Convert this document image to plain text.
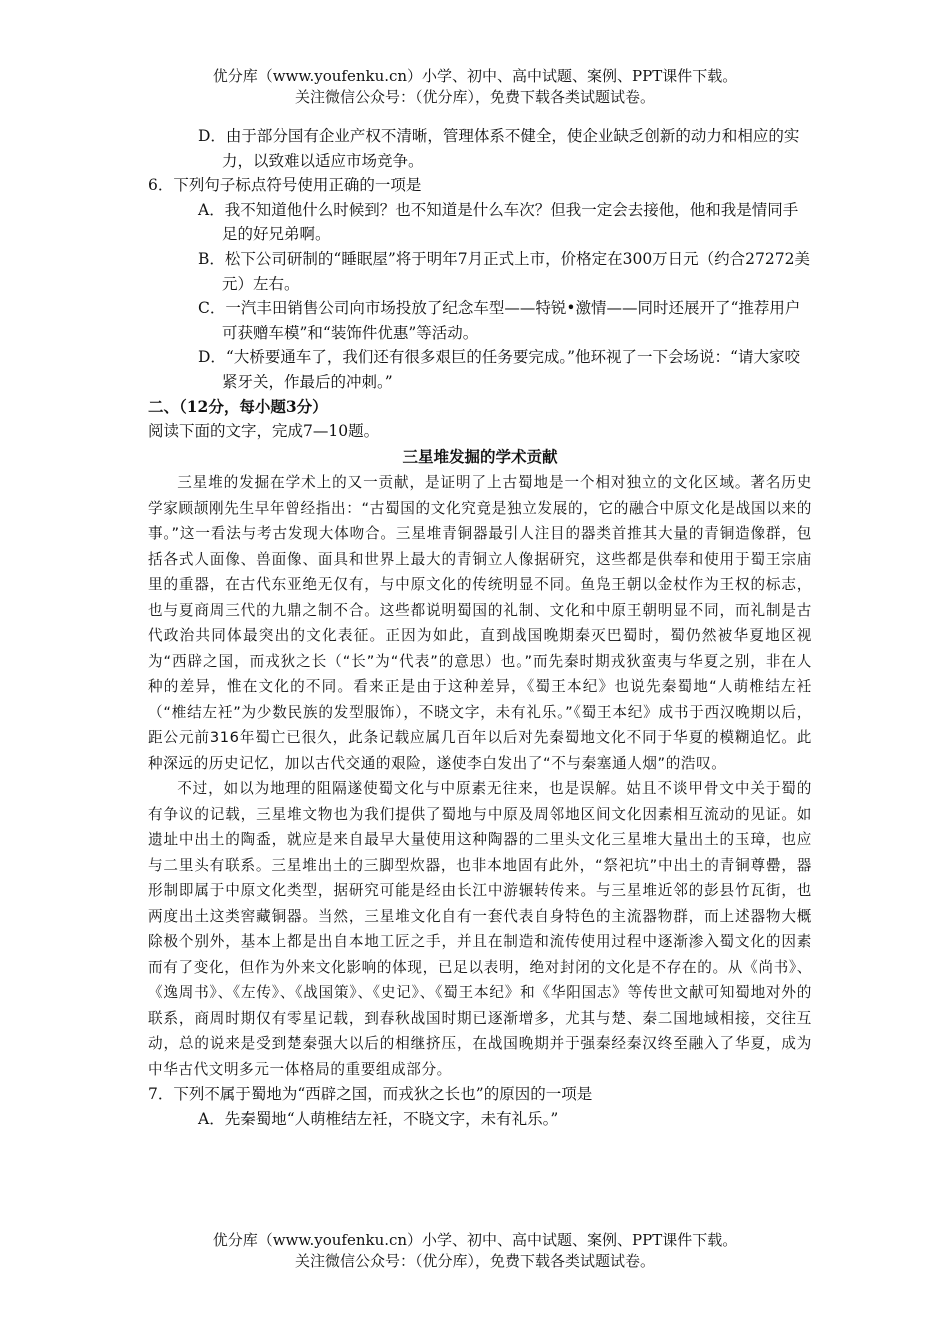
优分库（www.youfenku.cn）小学、初中、高中试题、案例、PPT课件下载。
关注微信公众号：（优分库），免费下载各类试题试卷。
D．由于部分国有企业产权不清晰，管理体系不健全，使企业缺乏创新的动力和相应的实力，以致难以适应市场竞争。
6．下列句子标点符号使用正确的一项是
A．我不知道他什么时候到？也不知道是什么车次？但我一定会去接他，他和我是情同手足的好兄弟啊。
B．松下公司研制的“睡眠屋”将于明年7月正式上市，价格定在300万日元（约合27272美元）左右。
C．一汽丰田销售公司向市场投放了纪念车型——特锐•激情——同时还展开了“推荐用户可获赠车模”和“装饰件优惠”等活动。
D．“大桥要通车了，我们还有很多艰巨的任务要完成。”他环视了一下会场说：“请大家咬紧牙关，作最后的冲刺。”
二、（12分，每小题3分）
阅读下面的文字，完成7—10题。
三星堆发掘的学术贡献

三星堆的发掘在学术上的又一贡献，是证明了上古蜀地是一个相对独立的文化区域。著名历史学家顾颉刚先生早年曾经指出：“古蜀国的文化究竟是独立发展的，它的融合中原文化是战国以来的事。”这一看法与考古发现大体吻合。三星堆青铜器最引人注目的器类首推其大量的青铜造像群，包括各式人面像、兽面像、面具和世界上最大的青铜立人像据研究，这些都是供奉和使用于蜀王宗庙里的重器，在古代东亚绝无仅有，与中原文化的传统明显不同。鱼凫王朝以金杖作为王权的标志，也与夏商周三代的九鼎之制不合。这些都说明蜀国的礼制、文化和中原王朝明显不同，而礼制是古代政治共同体最突出的文化表征。正因为如此，直到战国晚期秦灭巴蜀时，蜀仍然被华夏地区视为“西辟之国，而戎狄之长（“长”为“代表”的意思）也。”而先秦时期戎狄蛮夷与华夏之别，非在人种的差异，惟在文化的不同。看来正是由于这种差异，《蜀王本纪》也说先秦蜀地“人萌椎结左衽（“椎结左衽”为少数民族的发型服饰），不晓文字，未有礼乐。”《蜀王本纪》成书于西汉晚期以后，距公元前316年蜀亡已很久，此条记载应属几百年以后对先秦蜀地文化不同于华夏的模糊追忆。此种深远的历史记忆，加以古代交通的艰险，遂使李白发出了“不与秦塞通人烟”的浩叹。

不过，如以为地理的阻隔遂使蜀文化与中原素无往来，也是误解。姑且不谈甲骨文中关于蜀的有争议的记载，三星堆文物也为我们提供了蜀地与中原及周邻地区间文化因素相互流动的见证。如遗址中出土的陶盉，就应是来自最早大量使用这种陶器的二里头文化三星堆大量出土的玉璋，也应与二里头有联系。三星堆出土的三脚型炊器，也非本地固有此外，“祭祀坑”中出土的青铜尊罍，器形制即属于中原文化类型，据研究可能是经由长江中游辗转传来。与三星堆近邻的彭县竹瓦街，也两度出土这类窖藏铜器。当然，三星堆文化自有一套代表自身特色的主流器物群，而上述器物大概除极个别外，基本上都是出自本地工匠之手，并且在制造和流传使用过程中逐渐渗入蜀文化的因素而有了变化，但作为外来文化影响的体现，已足以表明，绝对封闭的文化是不存在的。从《尚书》、《逸周书》、《左传》、《战国策》、《史记》、《蜀王本纪》和《华阳国志》等传世文献可知蜀地对外的联系，商周时期仅有零星记载，到春秋战国时期已逐渐增多，尤其与楚、秦二国地域相接，交往互动，总的说来是受到楚秦强大以后的相继挤压，在战国晚期并于强秦经秦汉终至融入了华夏，成为中华古代文明多元一体格局的重要组成部分。

7．下列不属于蜀地为“西辟之国，而戎狄之长也”的原因的一项是
A．先秦蜀地“人萌椎结左衽，不晓文字，未有礼乐。”
优分库（www.youfenku.cn）小学、初中、高中试题、案例、PPT课件下载。
关注微信公众号：（优分库），免费下载各类试题试卷。
